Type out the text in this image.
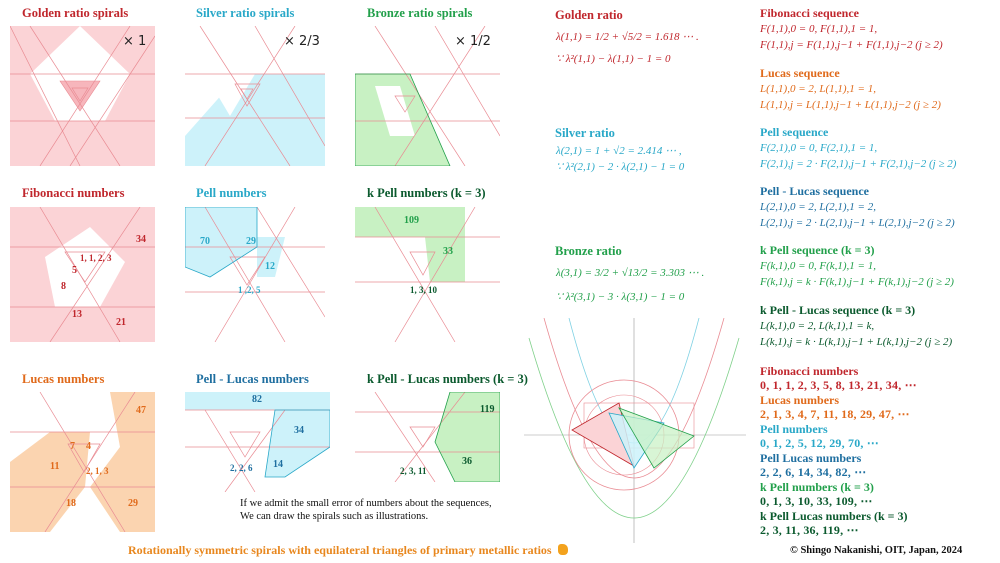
Golden ratio spirals	Silver ratio spirals	Bronze ratio spirals
× 1	× 2/3	× 1/2
Fibonacci numbers	Pell numbers	k Pell numbers (k = 3)
34
1, 1, 2, 3
5
8
13
21
70	29
12
1 ,2, 5
109
33
1, 3, 10
Lucas numbers	Pell - Lucas numbers	k Pell - Lucas numbers (k = 3)
47
7 4
11	2, 1, 3
18	29
82
34
2, 2, 6 14
119
36
2, 3, 11
If we admit the small error of numbers about the sequences,
We can draw the spirals such as illustrations.
Golden ratio
λ(1,1) = 1/2 + √5/2 = 1.618 ⋯ .
∵ λ²(1,1) − λ(1,1) − 1 = 0
Silver ratio
λ(2,1) = 1 + √2 = 2.414 ⋯ ,
∵ λ²(2,1) − 2 · λ(2,1) − 1 = 0
Bronze ratio
λ(3,1) = 3/2 + √13/2 = 3.303 ⋯ .
∵ λ²(3,1) − 3 · λ(3,1) − 1 = 0
Fibonacci sequence
F(1,1),0 = 0, F(1,1),1 = 1,
F(1,1),j = F(1,1),j−1 + F(1,1),j−2 (j ≥ 2)
Lucas sequence
L(1,1),0 = 2, L(1,1),1 = 1,
L(1,1),j = L(1,1),j−1 + L(1,1),j−2 (j ≥ 2)
Pell sequence
F(2,1),0 = 0, F(2,1),1 = 1,
F(2,1),j = 2 · F(2,1),j−1 + F(2,1),j−2 (j ≥ 2)
Pell - Lucas sequence
L(2,1),0 = 2, L(2,1),1 = 2,
L(2,1),j = 2 · L(2,1),j−1 + L(2,1),j−2 (j ≥ 2)
k Pell sequence (k = 3)
F(k,1),0 = 0, F(k,1),1 = 1,
F(k,1),j = k · F(k,1),j−1 + F(k,1),j−2 (j ≥ 2)
k Pell - Lucas sequence (k = 3)
L(k,1),0 = 2, L(k,1),1 = k,
L(k,1),j = k · L(k,1),j−1 + L(k,1),j−2 (j ≥ 2)
Fibonacci numbers
0, 1, 1, 2, 3, 5, 8, 13, 21, 34, ⋯
Lucas numbers
2, 1, 3, 4, 7, 11, 18, 29, 47, ⋯
Pell numbers
0, 1, 2, 5, 12, 29, 70, ⋯
Pell Lucas numbers
2, 2, 6, 14, 34, 82, ⋯
k Pell numbers (k = 3)
0, 1, 3, 10, 33, 109, ⋯
k Pell Lucas numbers (k = 3)
2, 3, 11, 36, 119, ⋯
Rotationally symmetric spirals with equilateral triangles of primary metallic ratios	© Shingo Nakanishi, OIT, Japan, 2024
